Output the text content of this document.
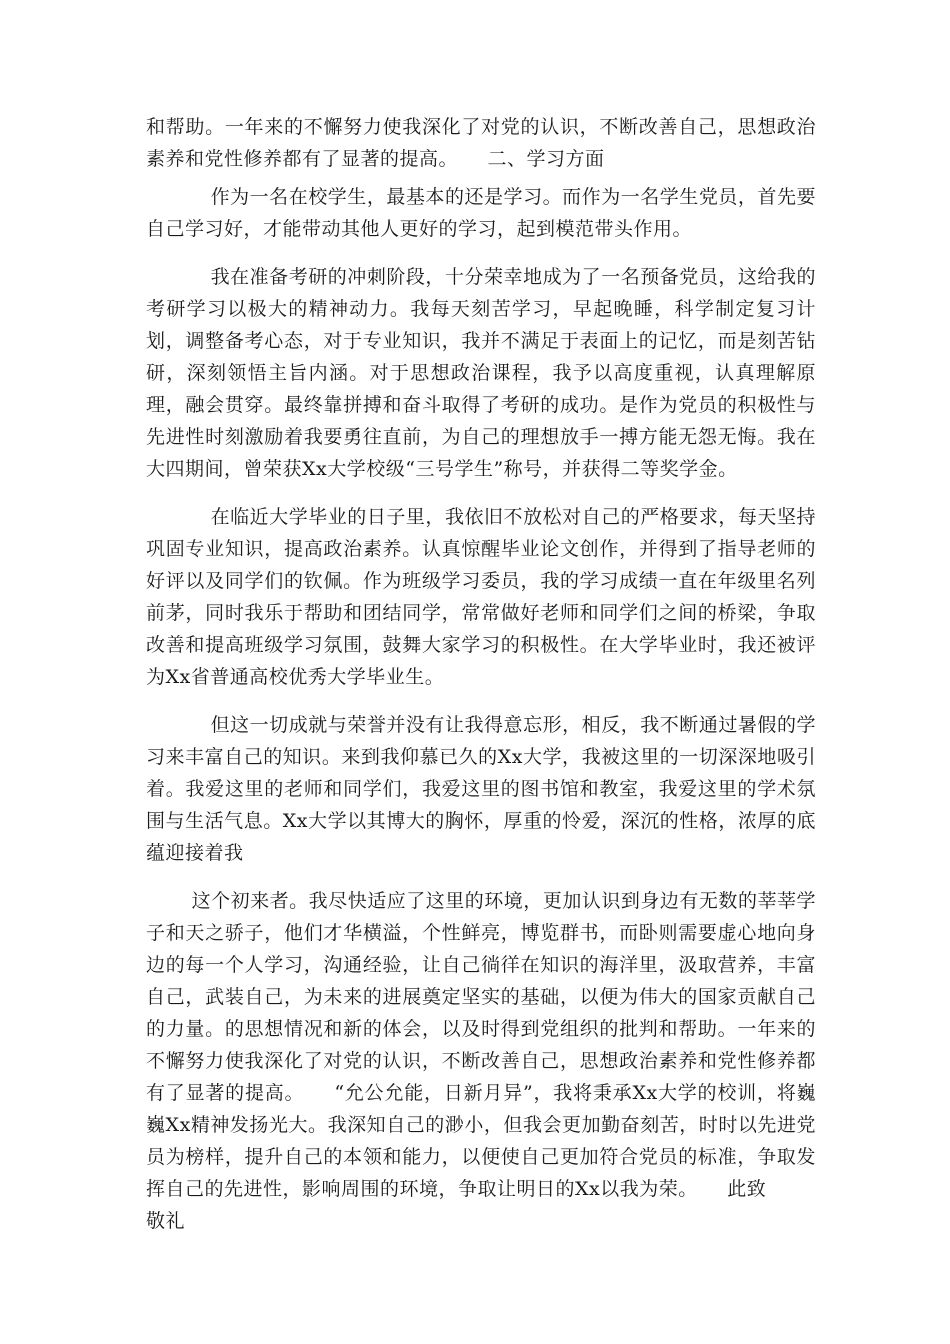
和帮助。一年来的不懈努力使我深化了对党的认识，不断改善自己，思想政治素养和党性修养都有了显著的提高。　　二、学习方面

作为一名在校学生，最基本的还是学习。而作为一名学生党员，首先要自己学习好，才能带动其他人更好的学习，起到模范带头作用。

我在准备考研的冲刺阶段，十分荣幸地成为了一名预备党员，这给我的考研学习以极大的精神动力。我每天刻苦学习，早起晚睡，科学制定复习计划，调整备考心态，对于专业知识，我并不满足于表面上的记忆，而是刻苦钻研，深刻领悟主旨内涵。对于思想政治课程，我予以高度重视，认真理解原理，融会贯穿。最终靠拼搏和奋斗取得了考研的成功。是作为党员的积极性与先进性时刻激励着我要勇往直前，为自己的理想放手一搏方能无怨无悔。我在大四期间，曾荣获Xx大学校级“三号学生”称号，并获得二等奖学金。

在临近大学毕业的日子里，我依旧不放松对自己的严格要求，每天坚持巩固专业知识，提高政治素养。认真惊醒毕业论文创作，并得到了指导老师的好评以及同学们的钦佩。作为班级学习委员，我的学习成绩一直在年级里名列前茅，同时我乐于帮助和团结同学，常常做好老师和同学们之间的桥梁，争取改善和提高班级学习氛围，鼓舞大家学习的积极性。在大学毕业时，我还被评为Xx省普通高校优秀大学毕业生。

但这一切成就与荣誉并没有让我得意忘形，相反，我不断通过暑假的学习来丰富自己的知识。来到我仰慕已久的Xx大学，我被这里的一切深深地吸引着。我爱这里的老师和同学们，我爱这里的图书馆和教室，我爱这里的学术氛围与生活气息。Xx大学以其博大的胸怀，厚重的怜爱，深沉的性格，浓厚的底蕴迎接着我

这个初来者。我尽快适应了这里的环境，更加认识到身边有无数的莘莘学子和天之骄子，他们才华横溢，个性鲜亮，博览群书，而卧则需要虚心地向身边的每一个人学习，沟通经验，让自己徜徉在知识的海洋里，汲取营养，丰富自己，武装自己，为未来的进展奠定坚实的基础，以便为伟大的国家贡献自己的力量。的思想情况和新的体会，以及时得到党组织的批判和帮助。一年来的不懈努力使我深化了对党的认识，不断改善自己，思想政治素养和党性修养都有了显著的提高。　　“允公允能，日新月异”，我将秉承Xx大学的校训，将巍巍Xx精神发扬光大。我深知自己的渺小，但我会更加勤奋刻苦，时时以先进党员为榜样，提升自己的本领和能力，以便使自己更加符合党员的标准，争取发挥自己的先进性，影响周围的环境，争取让明日的Xx以我为荣。　　此致

敬礼
